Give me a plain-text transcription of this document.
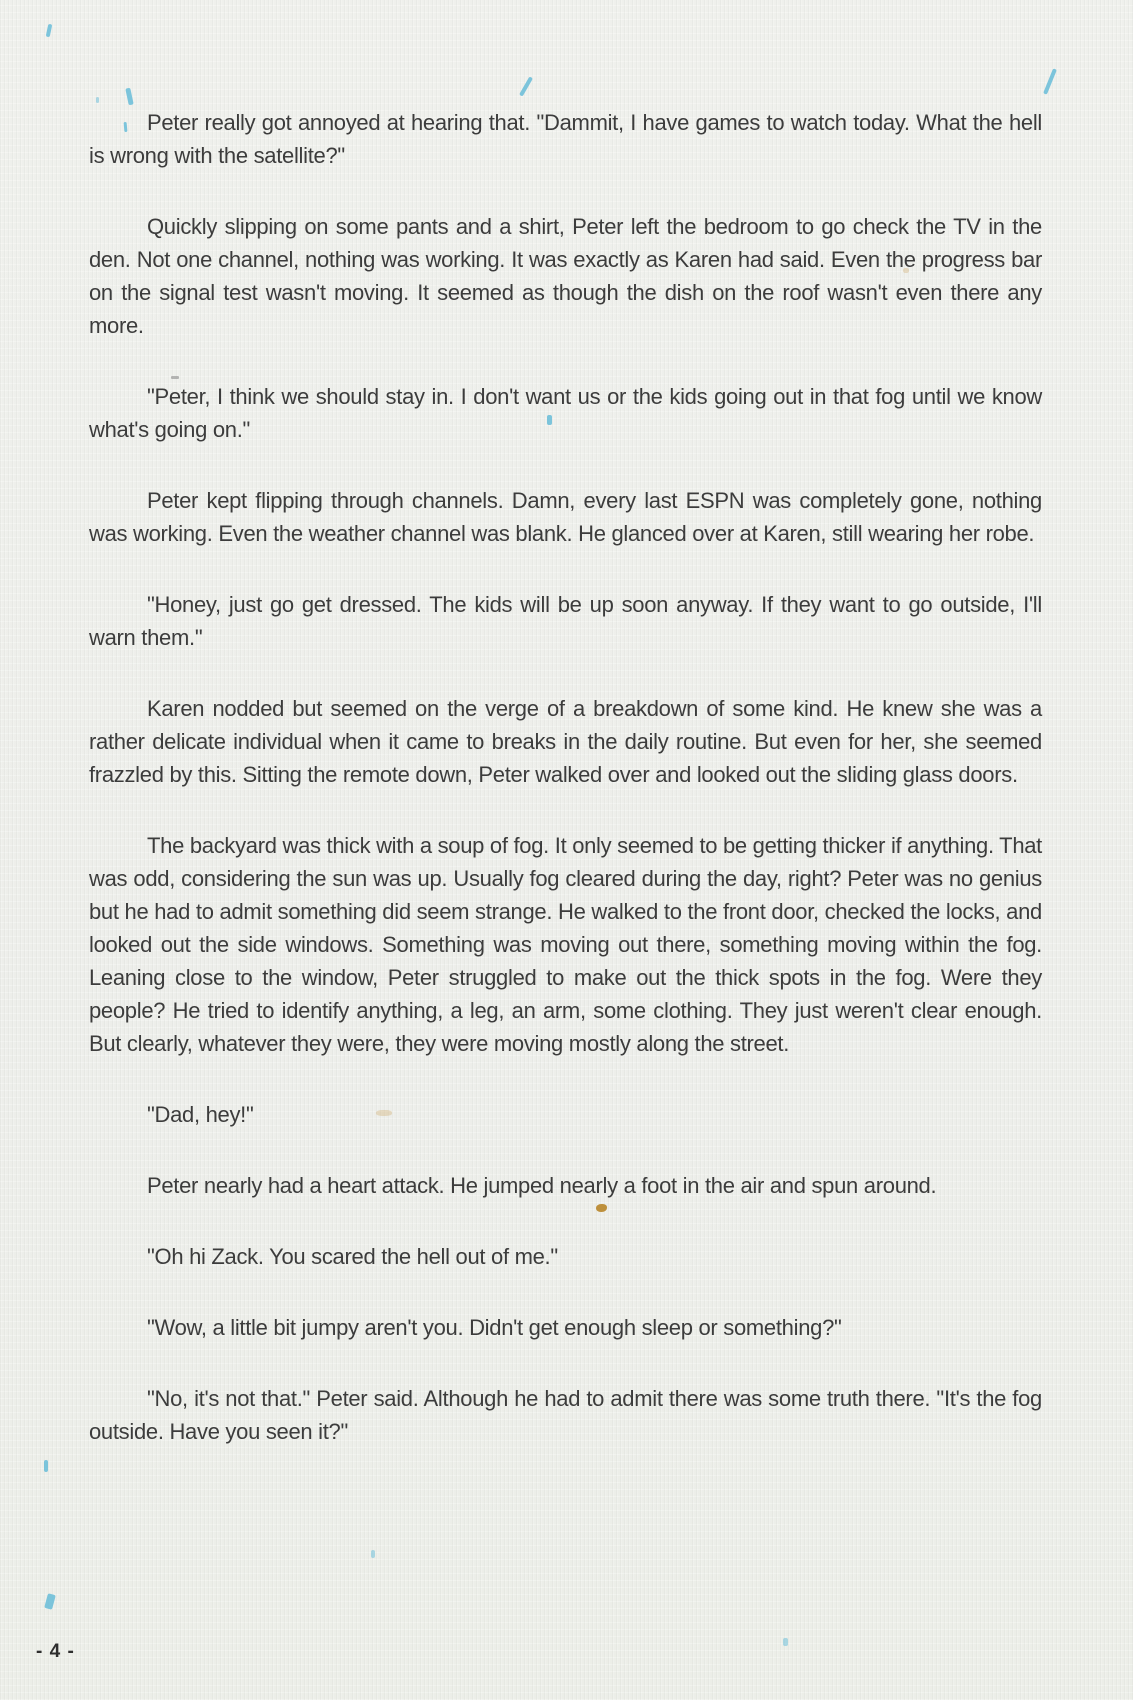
Peter really got annoyed at hearing that. "Dammit, I have games to watch today. What the hell is wrong with the satellite?"

Quickly slipping on some pants and a shirt, Peter left the bedroom to go check the TV in the den. Not one channel, nothing was working. It was exactly as Karen had said. Even the progress bar on the signal test wasn't moving. It seemed as though the dish on the roof wasn't even there any more.

"Peter, I think we should stay in. I don't want us or the kids going out in that fog until we know what's going on."

Peter kept flipping through channels. Damn, every last ESPN was completely gone, nothing was working. Even the weather channel was blank. He glanced over at Karen, still wearing her robe.

"Honey, just go get dressed. The kids will be up soon anyway. If they want to go outside, I'll warn them."

Karen nodded but seemed on the verge of a breakdown of some kind. He knew she was a rather delicate individual when it came to breaks in the daily routine. But even for her, she seemed frazzled by this. Sitting the remote down, Peter walked over and looked out the sliding glass doors.

The backyard was thick with a soup of fog. It only seemed to be getting thicker if anything. That was odd, considering the sun was up. Usually fog cleared during the day, right? Peter was no genius but he had to admit something did seem strange. He walked to the front door, checked the locks, and looked out the side windows. Something was moving out there, something moving within the fog. Leaning close to the window, Peter struggled to make out the thick spots in the fog. Were they people? He tried to identify anything, a leg, an arm, some clothing. They just weren't clear enough. But clearly, whatever they were, they were moving mostly along the street.

"Dad, hey!"

Peter nearly had a heart attack. He jumped nearly a foot in the air and spun around.

"Oh hi Zack. You scared the hell out of me."

"Wow, a little bit jumpy aren't you. Didn't get enough sleep or something?"

"No, it's not that." Peter said. Although he had to admit there was some truth there. "It's the fog outside. Have you seen it?"

- 4 -
